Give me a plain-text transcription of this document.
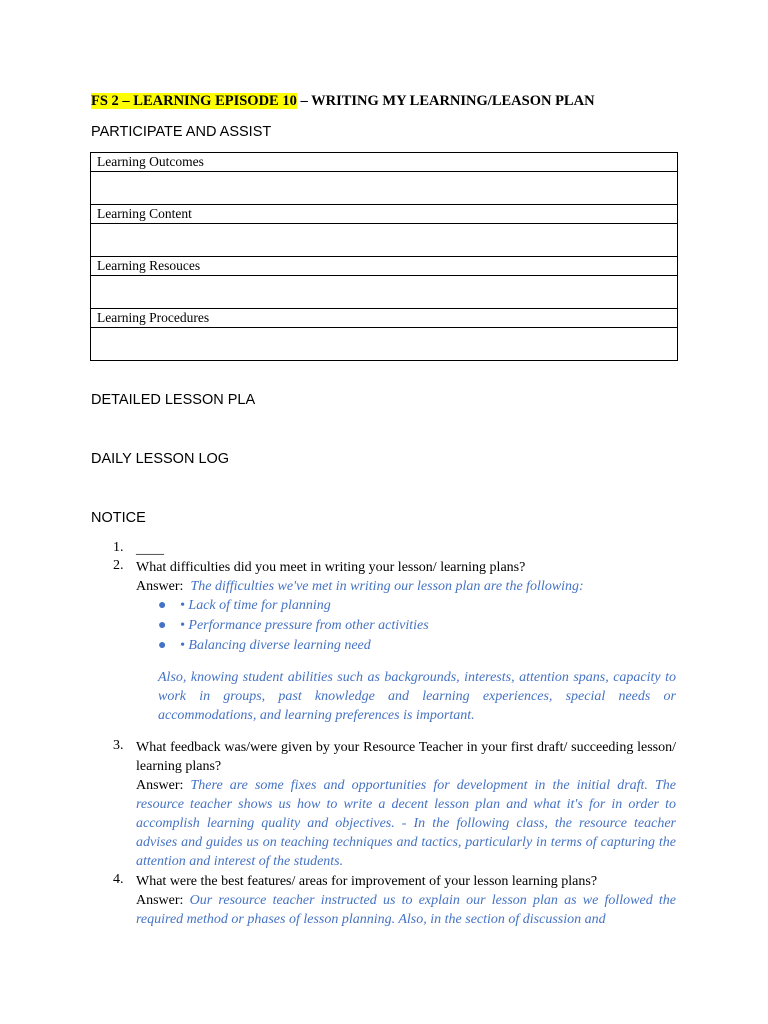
FS 2 – LEARNING EPISODE 10 – WRITING MY LEARNING/LEASON PLAN
PARTICIPATE AND ASSIST
Learning Outcomes

Learning Content

Learning Resouces

Learning Procedures

DETAILED LESSON PLA
DAILY LESSON LOG
NOTICE
1. ____
2. What difficulties did you meet in writing your lesson/ learning plans?
Answer: The difficulties we've met in writing our lesson plan are the following:
● • Lack of time for planning
● • Performance pressure from other activities
● • Balancing diverse learning need
Also, knowing student abilities such as backgrounds, interests, attention spans, capacity to work in groups, past knowledge and learning experiences, special needs or accommodations, and learning preferences is important.
3. What feedback was/were given by your Resource Teacher in your first draft/ succeeding lesson/ learning plans?
Answer: There are some fixes and opportunities for development in the initial draft. The resource teacher shows us how to write a decent lesson plan and what it's for in order to accomplish learning quality and objectives. - In the following class, the resource teacher advises and guides us on teaching techniques and tactics, particularly in terms of capturing the attention and interest of the students.
4. What were the best features/ areas for improvement of your lesson learning plans?
Answer: Our resource teacher instructed us to explain our lesson plan as we followed the required method or phases of lesson planning. Also, in the section of discussion and
